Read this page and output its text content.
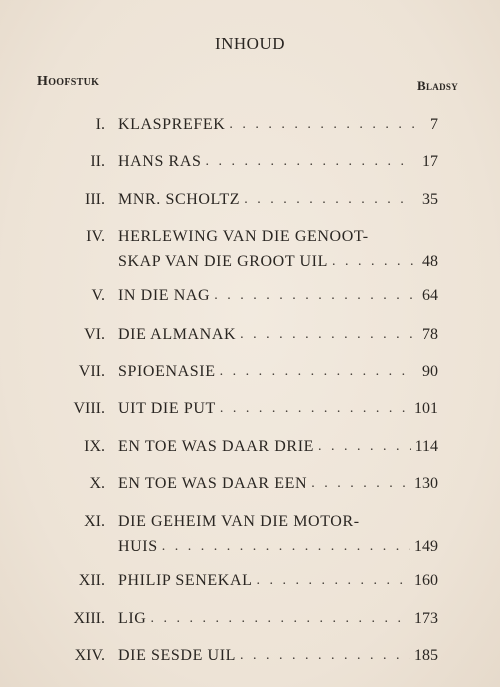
INHOUD
Hoofstuk	Bladsy
I. KLASPREFEK . . .	7
II. HANS RAS . . .	17
III. MNR. SCHOLTZ . . .	35
IV. HERLEWING VAN DIE GENOOT-
SKAP VAN DIE GROOT UIL . . .	48
V. IN DIE NAG . . .	64
VI. DIE ALMANAK . . .	78
VII. SPIOENASIE . . .	90
VIII. UIT DIE PUT . . .	101
IX. EN TOE WAS DAAR DRIE . . .	114
X. EN TOE WAS DAAR EEN . . .	130
XI. DIE GEHEIM VAN DIE MOTOR-
HUIS . . .	149
XII. PHILIP SENEKAL . . .	160
XIII. LIG . . .	173
XIV. DIE SESDE UIL . . .	185
